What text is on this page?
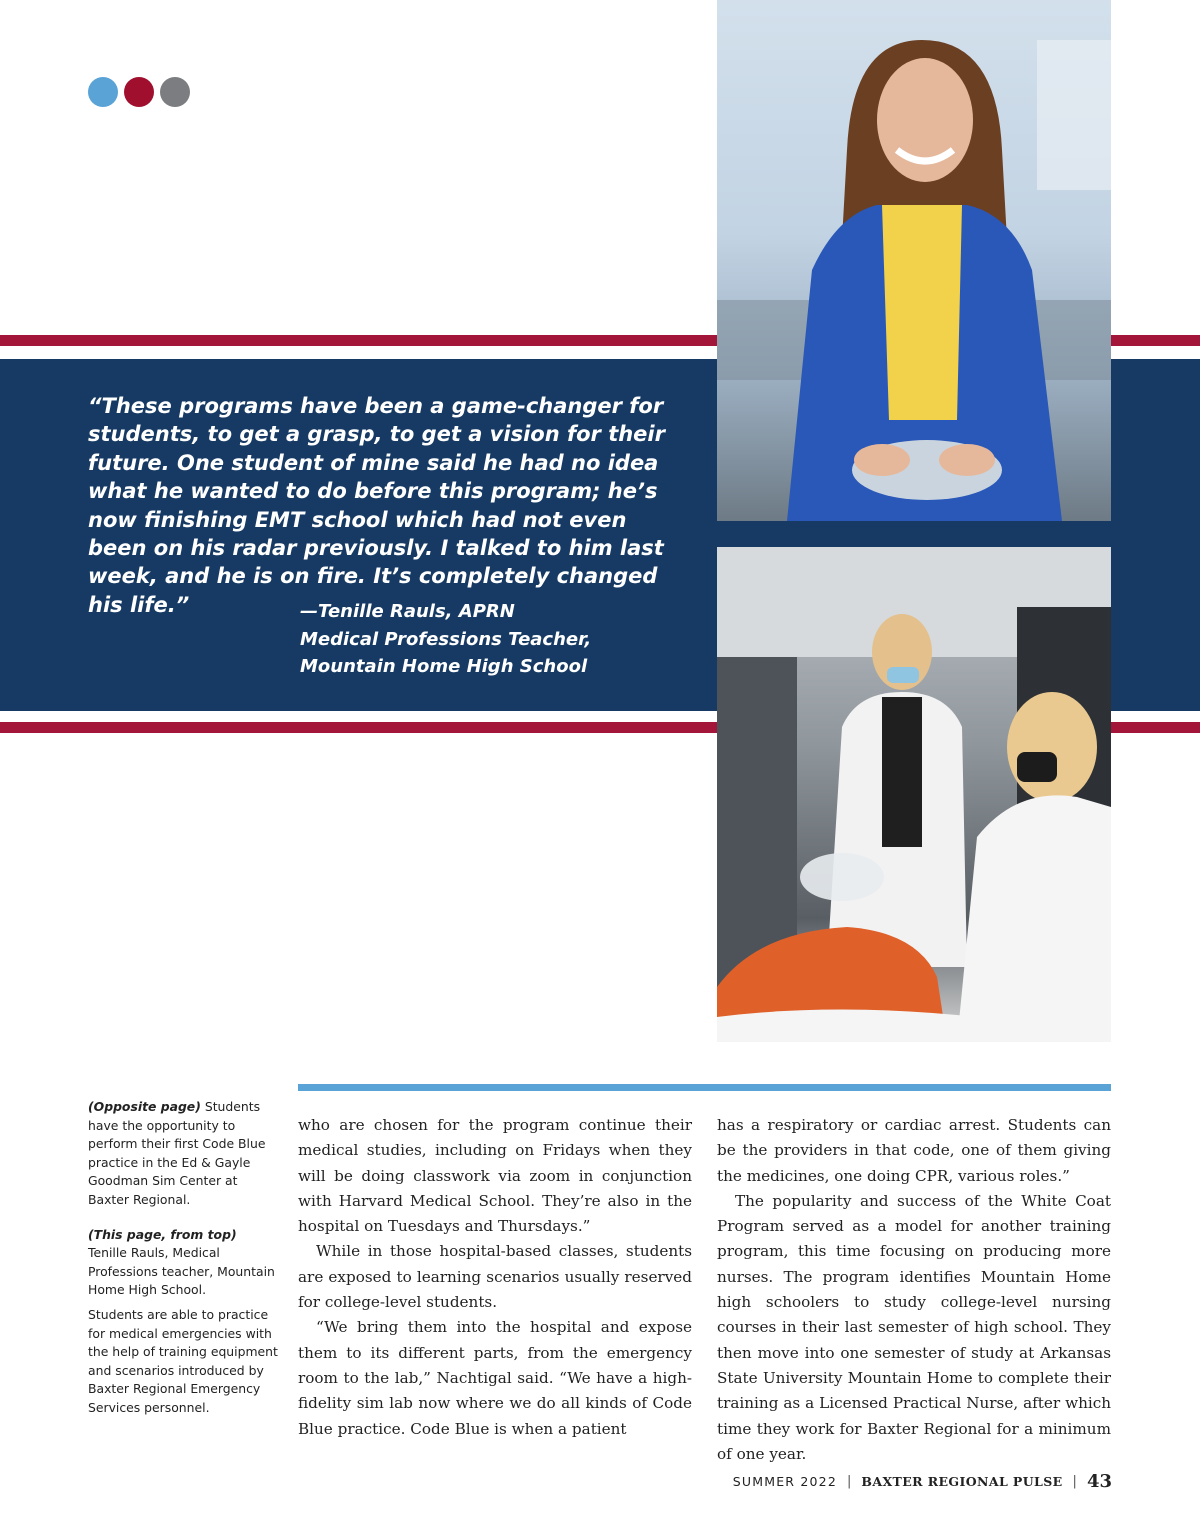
“These programs have been a game-changer for students, to get a grasp, to get a vision for their future. One student of mine said he had no idea what he wanted to do before this program; he’s now finishing EMT school which had not even been on his radar previously. I talked to him last week, and he is on fire. It’s completely changed his life.”	—Tenille Rauls, APRN
Medical Professions Teacher,
Mountain Home High School

(Opposite page) Students have the opportunity to perform their first Code Blue practice in the Ed & Gayle Goodman Sim Center at Baxter Regional.

(This page, from top)
Tenille Rauls, Medical Professions teacher, Mountain Home High School.

Students are able to practice for medical emergencies with the help of training equipment and scenarios introduced by Baxter Regional Emergency Services personnel.

who are chosen for the program continue their medical studies, including on Fridays when they will be doing classwork via zoom in conjunction with Harvard Medical School. They’re also in the hospital on Tuesdays and Thursdays.”

While in those hospital-based classes, students are exposed to learning scenarios usually reserved for college-level students.

“We bring them into the hospital and expose them to its different parts, from the emergency room to the lab,” Nachtigal said. “We have a high-fidelity sim lab now where we do all kinds of Code Blue practice. Code Blue is when a patient

has a respiratory or cardiac arrest. Students can be the providers in that code, one of them giving the medicines, one doing CPR, various roles.”

The popularity and success of the White Coat Program served as a model for another training program, this time focusing on producing more nurses. The program identifies Mountain Home high schoolers to study college-level nursing courses in their last semester of high school. They then move into one semester of study at Arkansas State University Mountain Home to complete their training as a Licensed Practical Nurse, after which time they work for Baxter Regional for a minimum of one year.

SUMMER 2022 | BAXTER REGIONAL PULSE | 43
